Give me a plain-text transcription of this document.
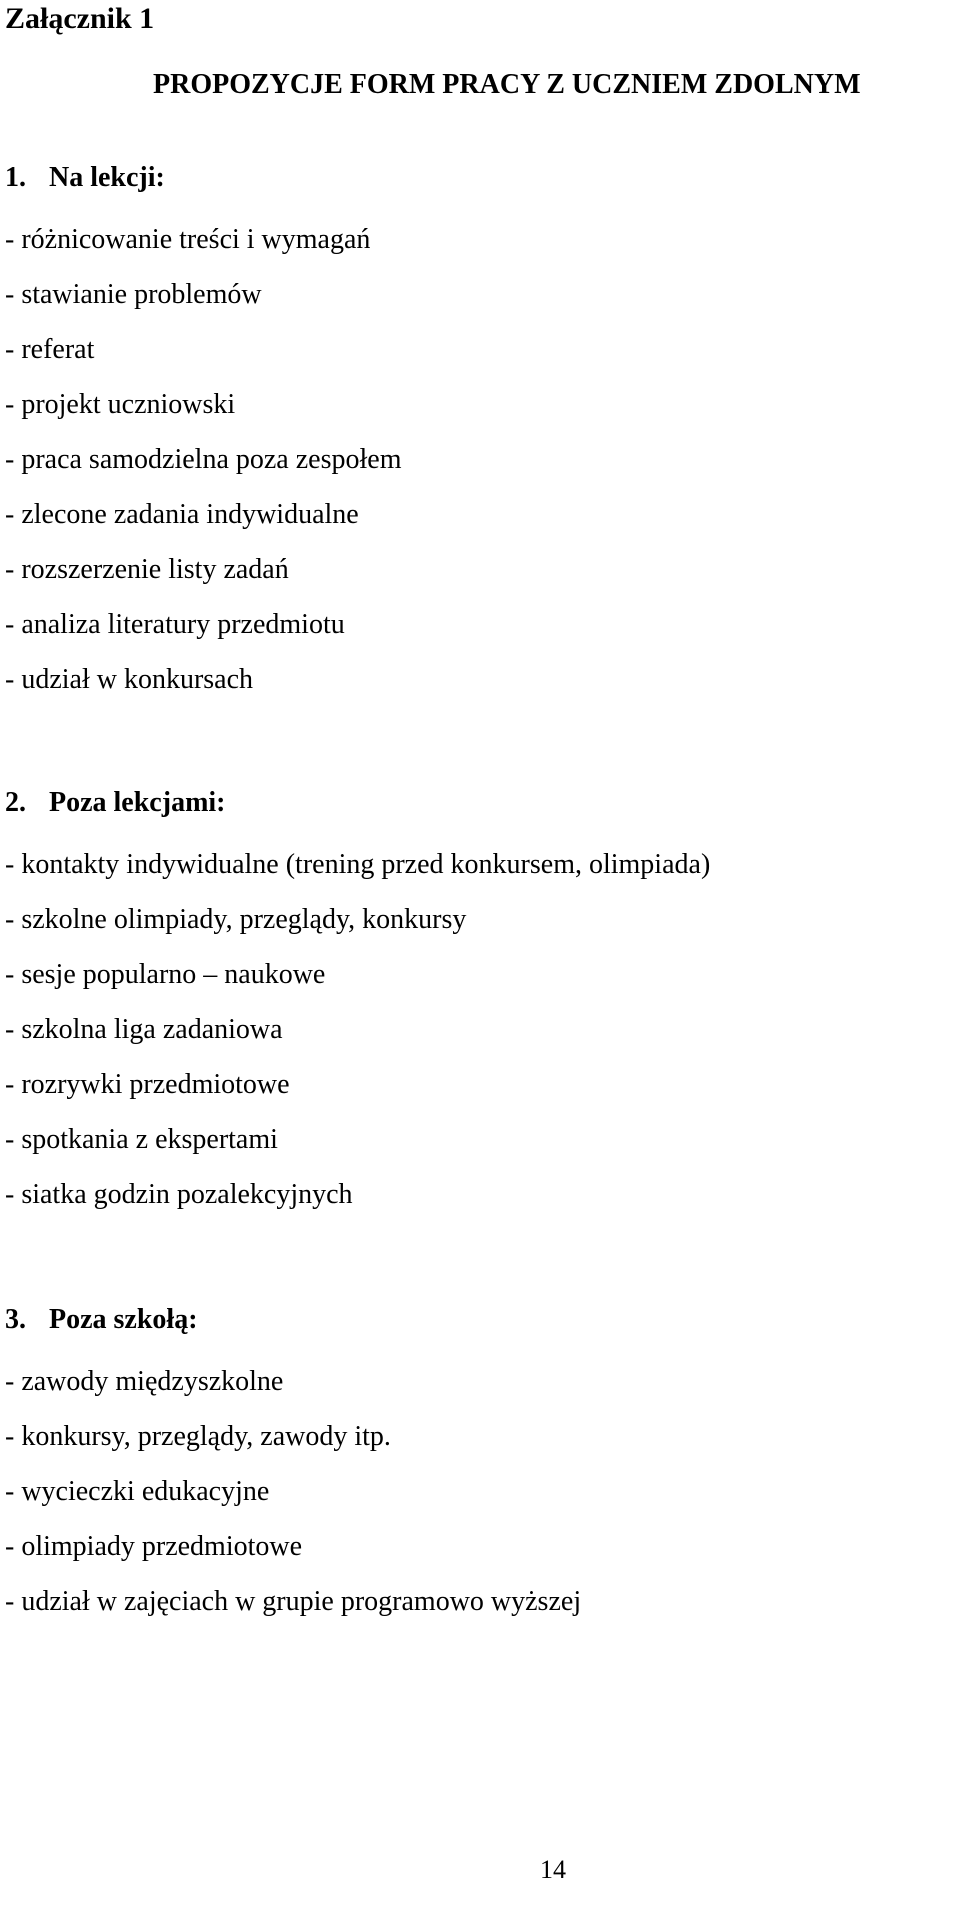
Załącznik 1
PROPOZYCJE FORM PRACY Z UCZNIEM ZDOLNYM
1. Na lekcji:
- różnicowanie treści i wymagań
- stawianie problemów
- referat
- projekt uczniowski
- praca samodzielna poza zespołem
- zlecone zadania indywidualne
- rozszerzenie listy zadań
- analiza literatury przedmiotu
- udział w konkursach
2. Poza lekcjami:
- kontakty indywidualne (trening przed konkursem, olimpiada)
- szkolne olimpiady, przeglądy, konkursy
- sesje popularno – naukowe
- szkolna liga zadaniowa
- rozrywki przedmiotowe
- spotkania z ekspertami
- siatka godzin pozalekcyjnych
3. Poza szkołą:
- zawody międzyszkolne
- konkursy, przeglądy, zawody itp.
- wycieczki edukacyjne
- olimpiady przedmiotowe
- udział w zajęciach w grupie programowo wyższej
14
